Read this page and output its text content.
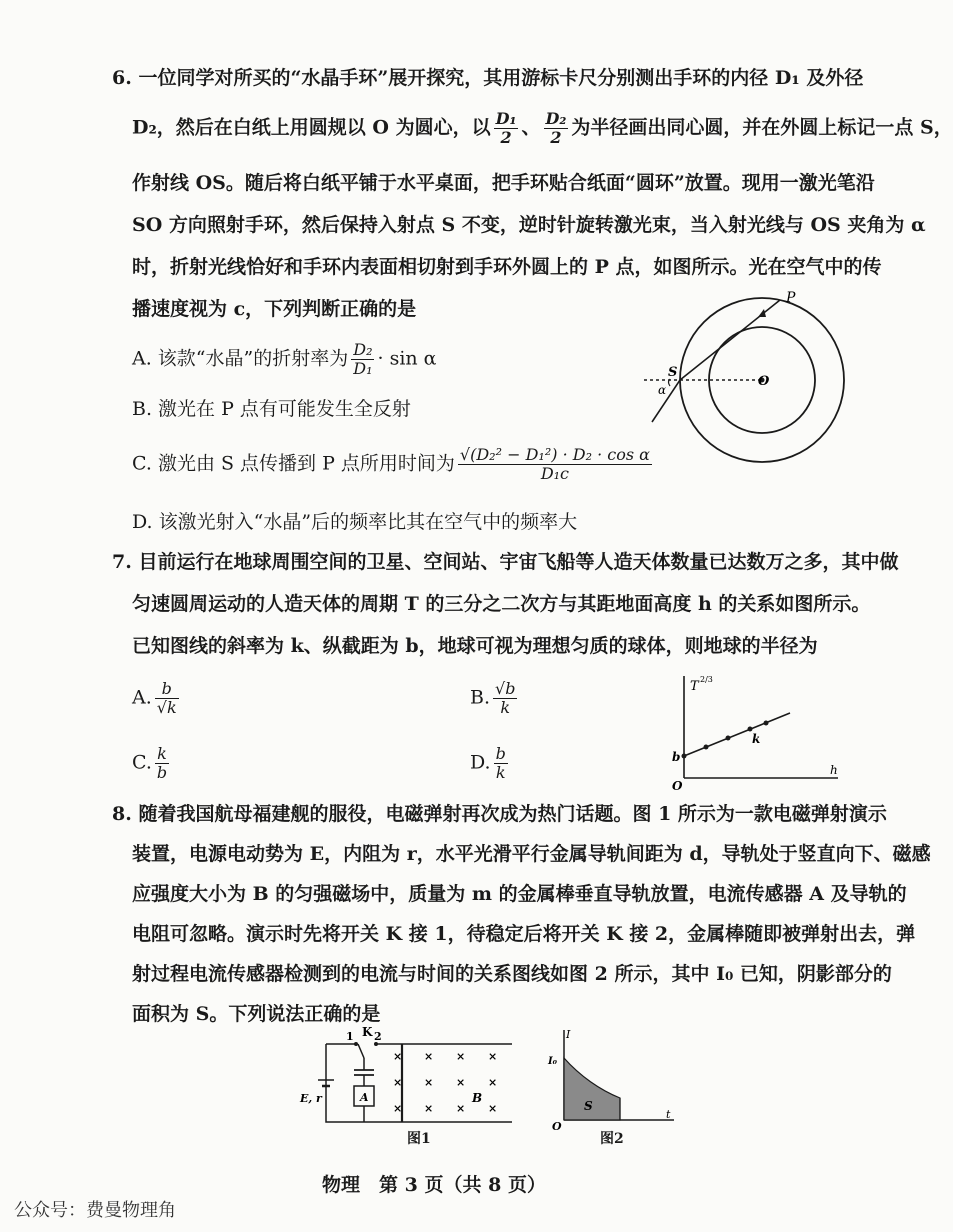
6. 一位同学对所买的“水晶手环”展开探究，其用游标卡尺分别测出手环的内径 D₁ 及外径
D₂，然后在白纸上用圆规以 O 为圆心，以 $\frac{\text{D₁}}{2}$ 、 $\frac{\text{D₂}}{2}$ 为半径画出同心圆，并在外圆上标记一点 S，
作射线 OS。随后将白纸平铺于水平桌面，把手环贴合纸面“圆环”放置。现用一激光笔沿
SO 方向照射手环，然后保持入射点 S 不变，逆时针旋转激光束，当入射光线与 OS 夹角为 α
时，折射光线恰好和手环内表面相切射到手环外圆上的 P 点，如图所示。光在空气中的传
播速度视为 c，下列判断正确的是
A. 该款“水晶”的折射率为 $\frac{\text{D₂}}{\text{D₁}} \cdot \sin \alpha$
B. 激光在 P 点有可能发生全反射
C. 激光由 S 点传播到 P 点所用时间为 $\frac{\text{√(D₂² − D₁²) · D₂ · cos α}}{\text{D₁c}}$
D. 该激光射入“水晶”后的频率比其在空气中的频率大
P
S
O
α
7. 目前运行在地球周围空间的卫星、空间站、宇宙飞船等人造天体数量已达数万之多，其中做
匀速圆周运动的人造天体的周期 T 的三分之二次方与其距地面高度 h 的关系如图所示。
已知图线的斜率为 k、纵截距为 b，地球可视为理想匀质的球体，则地球的半径为
A. $\frac{b}{√k}$	B. $\frac{√b}{k}$
C. $\frac{k}{b}$	D. $\frac{b}{k}$
T 2/3
h
O
b
k
8. 随着我国航母福建舰的服役，电磁弹射再次成为热门话题。图 1 所示为一款电磁弹射演示
装置，电源电动势为 E，内阻为 r，水平光滑平行金属导轨间距为 d，导轨处于竖直向下、磁感
应强度大小为 B 的匀强磁场中，质量为 m 的金属棒垂直导轨放置，电流传感器 A 及导轨的
电阻可忽略。演示时先将开关 K 接 1，待稳定后将开关 K 接 2，金属棒随即被弹射出去，弹
射过程电流传感器检测到的电流与时间的关系图线如图 2 所示，其中 I₀ 已知，阴影部分的
面积为 S。下列说法正确的是
E, r
1 K 2
A
×
×
×
×
×
×
×
×
×
×
×
×
B
图1
I
I₀
t
O
S
图2
物理　第 3 页（共 8 页）
公众号：费曼物理角
